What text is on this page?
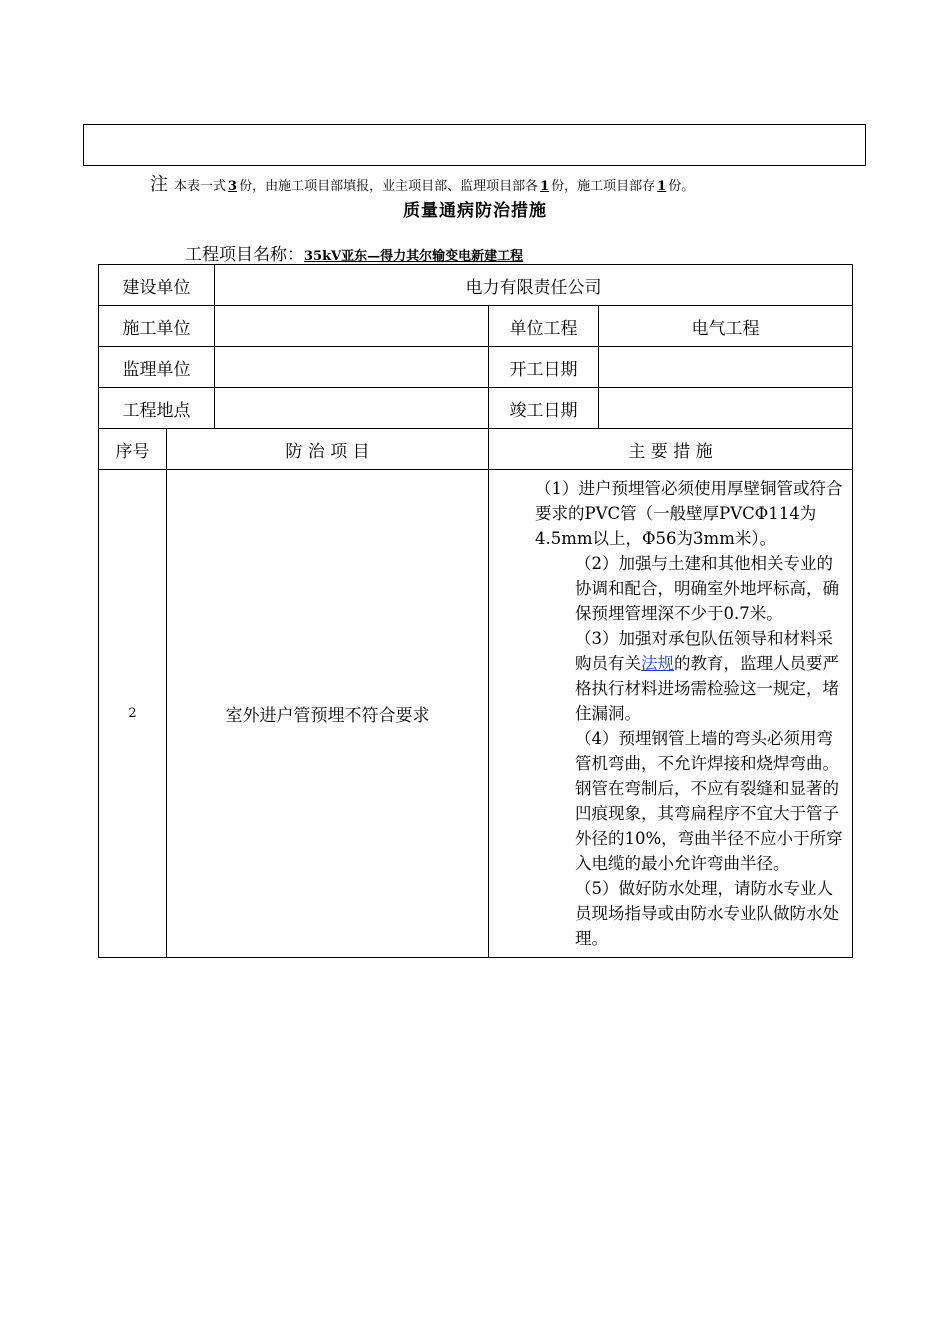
注 本表一式 3 份，由施工项目部填报，业主项目部、监理项目部各 1 份，施工项目部存 1 份。
质量通病防治措施
工程项目名称：35kV亚东—得力其尔输变电新建工程
建设单位		电力有限责任公司		
施工单位			单位工程	电气工程
监理单位			开工日期	
工程地点			竣工日期	
序号	防 治 项 目		主 要 措 施	
2	室外进户管预埋不符合要求		（1）进户预埋管必须使用厚壁铜管或符合要求的PVC管（一般壁厚PVCΦ114为4.5mm以上，Φ56为3mm米）。

（2）加强与土建和其他相关专业的协调和配合，明确室外地坪标高，确保预埋管埋深不少于0.7米。

（3）加强对承包队伍领导和材料采购员有关法规的教育，监理人员要严格执行材料进场需检验这一规定，堵住漏洞。

（4）预埋钢管上墙的弯头必须用弯管机弯曲，不允许焊接和烧焊弯曲。钢管在弯制后，不应有裂缝和显著的凹痕现象，其弯扁程序不宜大于管子外径的10%，弯曲半径不应小于所穿入电缆的最小允许弯曲半径。

（5）做好防水处理，请防水专业人员现场指导或由防水专业队做防水处理。	
